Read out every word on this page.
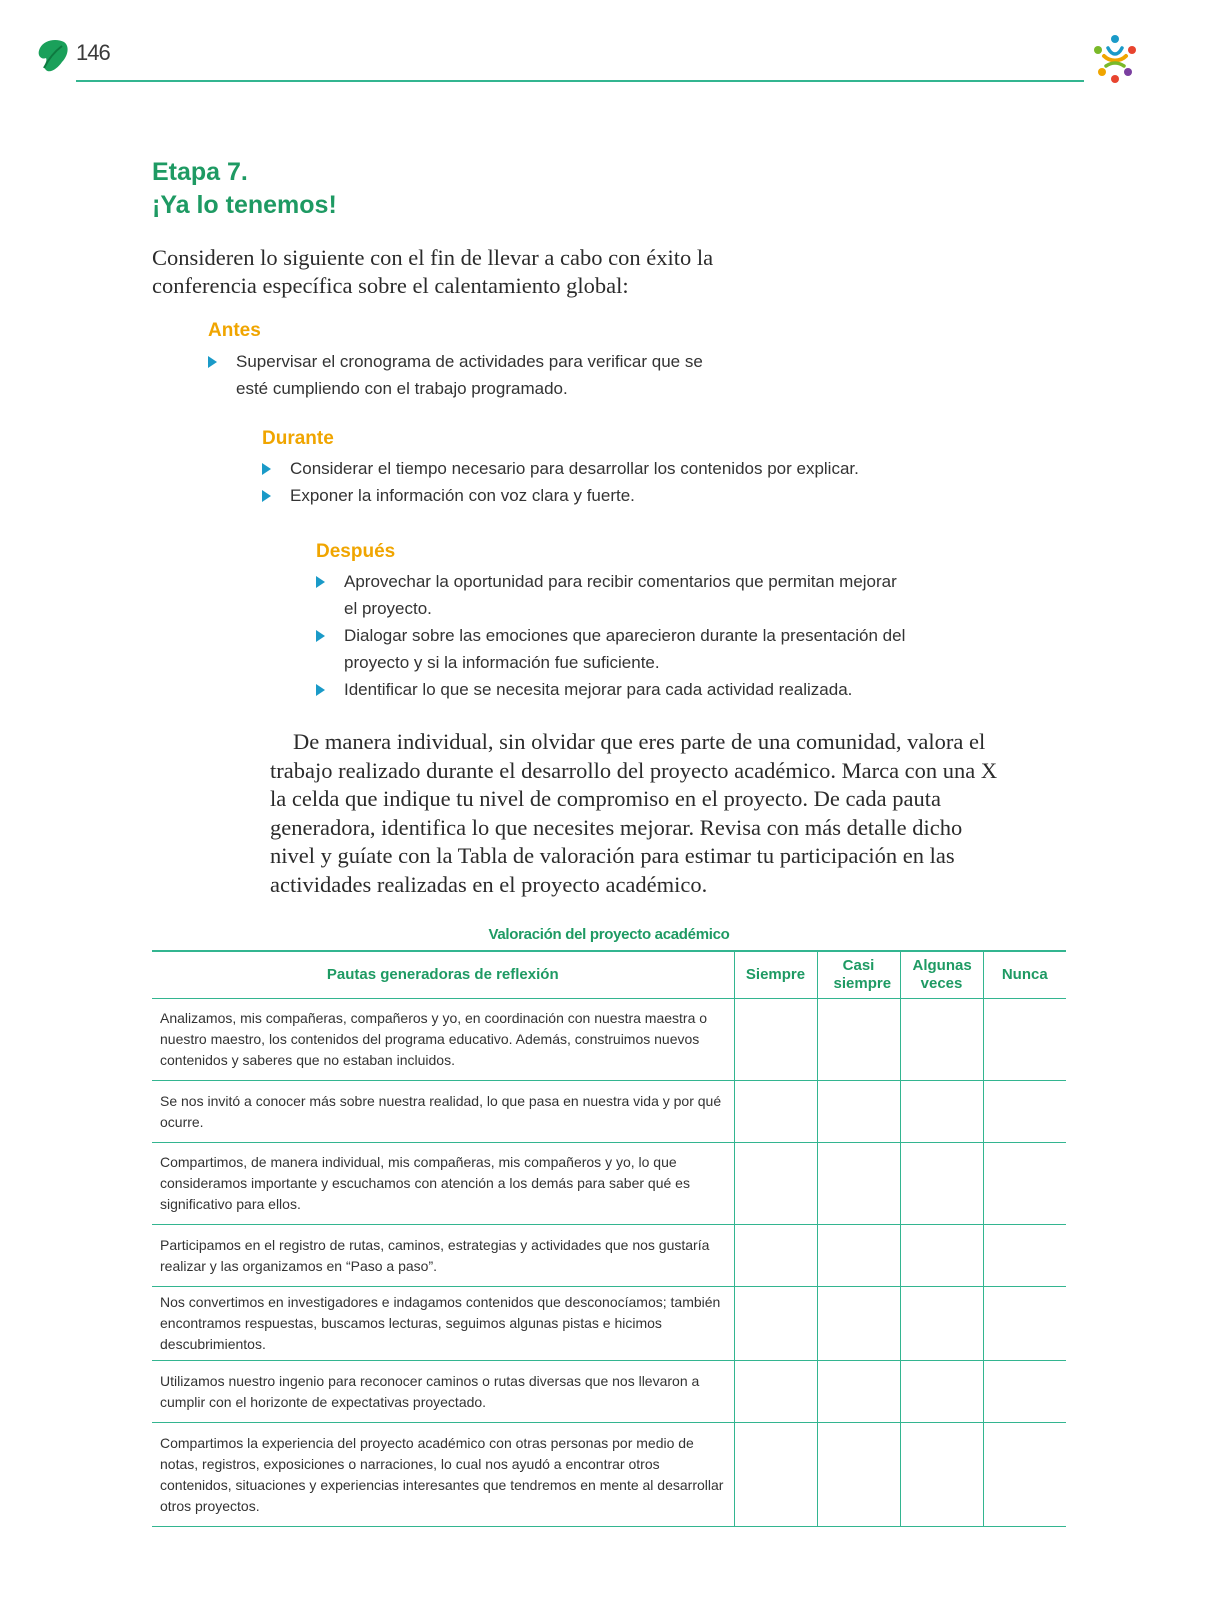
146
Etapa 7.
¡Ya lo tenemos!

Consideren lo siguiente con el fin de llevar a cabo con éxito la conferencia específica sobre el calentamiento global:

Antes
Supervisar el cronograma de actividades para verificar que se esté cumpliendo con el trabajo programado.
Durante
Considerar el tiempo necesario para desarrollar los contenidos por explicar.
Exponer la información con voz clara y fuerte.
Después
Aprovechar la oportunidad para recibir comentarios que permitan mejorar el proyecto.
Dialogar sobre las emociones que aparecieron durante la presentación del proyecto y si la información fue suficiente.
Identificar lo que se necesita mejorar para cada actividad realizada.

De manera individual, sin olvidar que eres parte de una comunidad, valora el trabajo realizado durante el desarrollo del proyecto académico. Marca con una X la celda que indique tu nivel de compromiso en el proyecto. De cada pauta generadora, identifica lo que necesites mejorar. Revisa con más detalle dicho nivel y guíate con la Tabla de valoración para estimar tu participación en las actividades realizadas en el proyecto académico.

Valoración del proyecto académico
Pautas generadoras de reflexión	Siempre	Casi siempre	Algunas veces	Nunca
Analizamos, mis compañeras, compañeros y yo, en coordinación con nuestra maestra o nuestro maestro, los contenidos del programa educativo. Además, construimos nuevos contenidos y saberes que no estaban incluidos.				
Se nos invitó a conocer más sobre nuestra realidad, lo que pasa en nuestra vida y por qué ocurre.				
Compartimos, de manera individual, mis compañeras, mis compañeros y yo, lo que consideramos importante y escuchamos con atención a los demás para saber qué es significativo para ellos.				
Participamos en el registro de rutas, caminos, estrategias y actividades que nos gustaría realizar y las organizamos en “Paso a paso”.				
Nos convertimos en investigadores e indagamos contenidos que desconocíamos; también encontramos respuestas, buscamos lecturas, seguimos algunas pistas e hicimos descubrimientos.				
Utilizamos nuestro ingenio para reconocer caminos o rutas diversas que nos llevaron a cumplir con el horizonte de expectativas proyectado.				
Compartimos la experiencia del proyecto académico con otras personas por medio de notas, registros, exposiciones o narraciones, lo cual nos ayudó a encontrar otros contenidos, situaciones y experiencias interesantes que tendremos en mente al desarrollar otros proyectos.				
